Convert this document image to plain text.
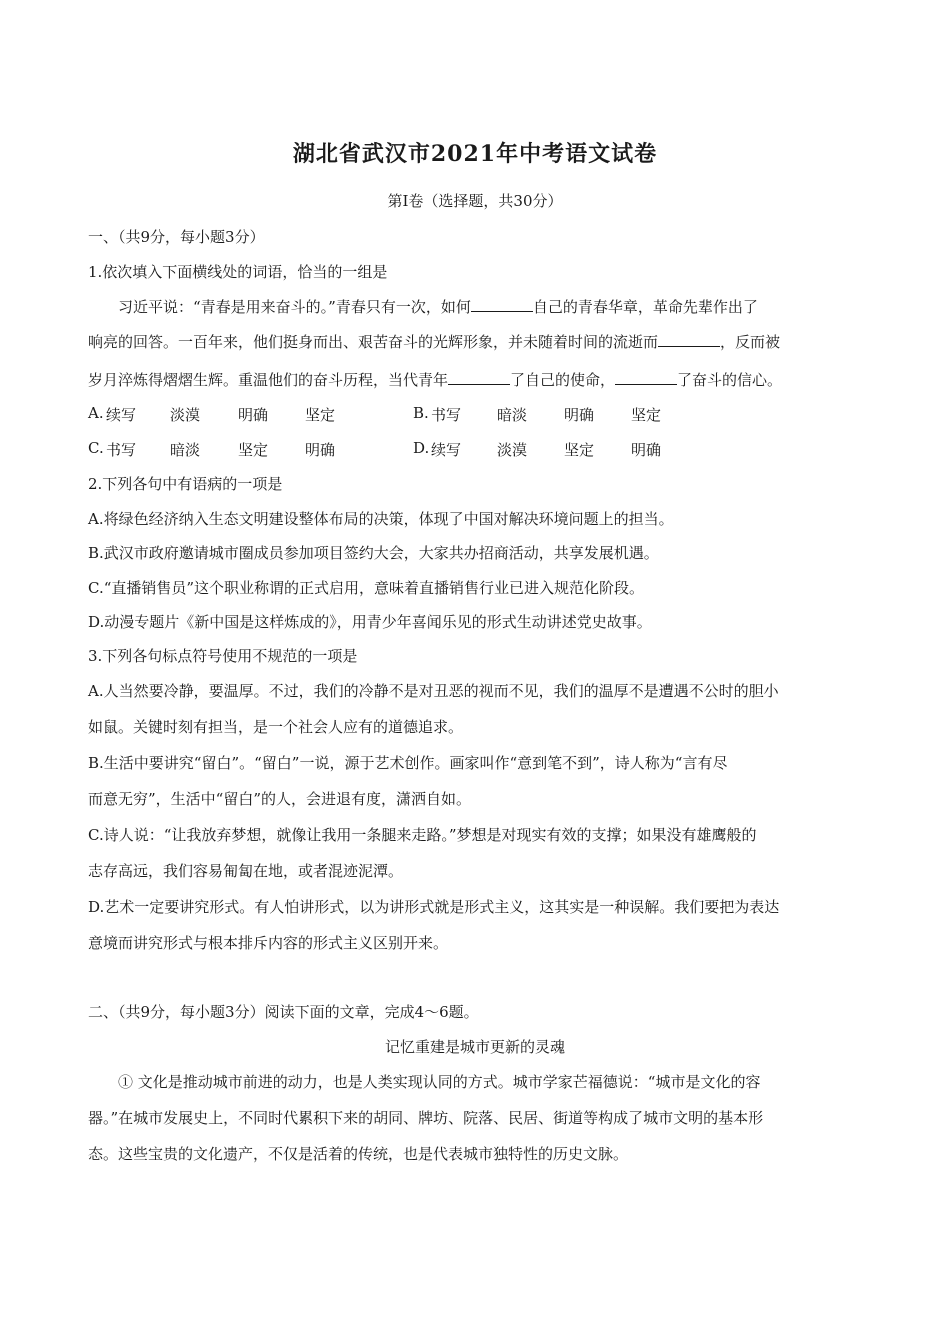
湖北省武汉市2021年中考语文试卷
第Ⅰ卷（选择题，共30分）
一、（共9分，每小题3分）
1.依次填入下面横线处的词语，恰当的一组是
习近平说：“青春是用来奋斗的。”青春只有一次，如何	自己的青春华章，革命先辈作出了
响亮的回答。一百年来，他们挺身而出、艰苦奋斗的光辉形象，并未随着时间的流逝而	，反而被
岁月淬炼得熠熠生辉。重温他们的奋斗历程，当代青年	了自己的使命，	了奋斗的信心。
A. 续写 淡漠	明确 坚定	B. 书写 暗淡 明确 坚定
C. 书写 暗淡	坚定 明确	D. 续写 淡漠 坚定 明确
2.下列各句中有语病的一项是
A.将绿色经济纳入生态文明建设整体布局的决策，体现了中国对解决环境问题上的担当。
B.武汉市政府邀请城市圈成员参加项目签约大会，大家共办招商活动，共享发展机遇。
C.“直播销售员”这个职业称谓的正式启用，意味着直播销售行业已进入规范化阶段。
D.动漫专题片《新中国是这样炼成的》，用青少年喜闻乐见的形式生动讲述党史故事。
3.下列各句标点符号使用不规范的一项是
A.人当然要冷静，要温厚。不过，我们的冷静不是对丑恶的视而不见，我们的温厚不是遭遇不公时的胆小
如鼠。关键时刻有担当，是一个社会人应有的道德追求。
B.生活中要讲究“留白”。“留白”一说，源于艺术创作。画家叫作“意到笔不到”，诗人称为“言有尽
而意无穷”，生活中“留白”的人，会进退有度，潇洒自如。
C.诗人说：“让我放弃梦想，就像让我用一条腿来走路。”梦想是对现实有效的支撑；如果没有雄鹰般的
志存高远，我们容易匍匐在地，或者混迹泥潭。
D.艺术一定要讲究形式。有人怕讲形式，以为讲形式就是形式主义，这其实是一种误解。我们要把为表达
意境而讲究形式与根本排斥内容的形式主义区别开来。
二、（共9分，每小题3分）阅读下面的文章，完成4～6题。
记忆重建是城市更新的灵魂
① 文化是推动城市前进的动力，也是人类实现认同的方式。城市学家芒福德说：“城市是文化的容
器。”在城市发展史上，不同时代累积下来的胡同、牌坊、院落、民居、街道等构成了城市文明的基本形
态。这些宝贵的文化遗产，不仅是活着的传统，也是代表城市独特性的历史文脉。
